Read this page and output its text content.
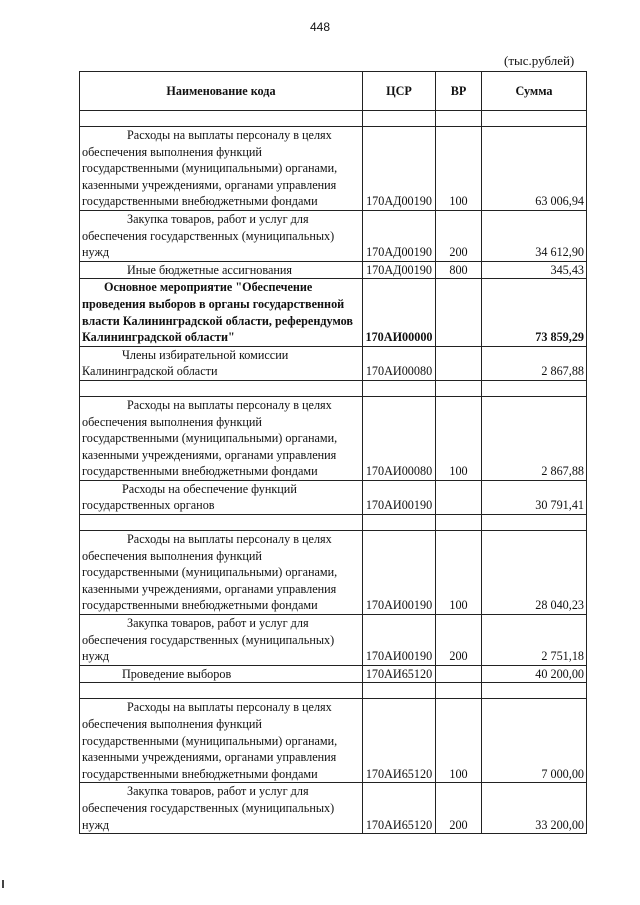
448
(тыс.рублей)
Наименование кода	ЦСР	ВР	Сумма

Расходы на выплаты персоналу в целях обеспечения выполнения функций государственными (муниципальными) органами, казенными учреждениями, органами управления государственными внебюджетными фондами	170АД00190	100	63 006,94
Закупка товаров, работ и услуг для обеспечения государственных (муниципальных) нужд	170АД00190	200	34 612,90
Иные бюджетные ассигнования	170АД00190	800	345,43
Основное мероприятие "Обеспечение проведения выборов в органы государственной власти Калининградской области, референдумов Калининградской области"	170АИ00000		73 859,29
Члены избирательной комиссии Калининградской области	170АИ00080		2 867,88

Расходы на выплаты персоналу в целях обеспечения выполнения функций государственными (муниципальными) органами, казенными учреждениями, органами управления государственными внебюджетными фондами	170АИ00080	100	2 867,88
Расходы на обеспечение функций государственных органов	170АИ00190		30 791,41

Расходы на выплаты персоналу в целях обеспечения выполнения функций государственными (муниципальными) органами, казенными учреждениями, органами управления государственными внебюджетными фондами	170АИ00190	100	28 040,23
Закупка товаров, работ и услуг для обеспечения государственных (муниципальных) нужд	170АИ00190	200	2 751,18
Проведение выборов	170АИ65120		40 200,00

Расходы на выплаты персоналу в целях обеспечения выполнения функций государственными (муниципальными) органами, казенными учреждениями, органами управления государственными внебюджетными фондами	170АИ65120	100	7 000,00
Закупка товаров, работ и услуг для обеспечения государственных (муниципальных) нужд	170АИ65120	200	33 200,00
